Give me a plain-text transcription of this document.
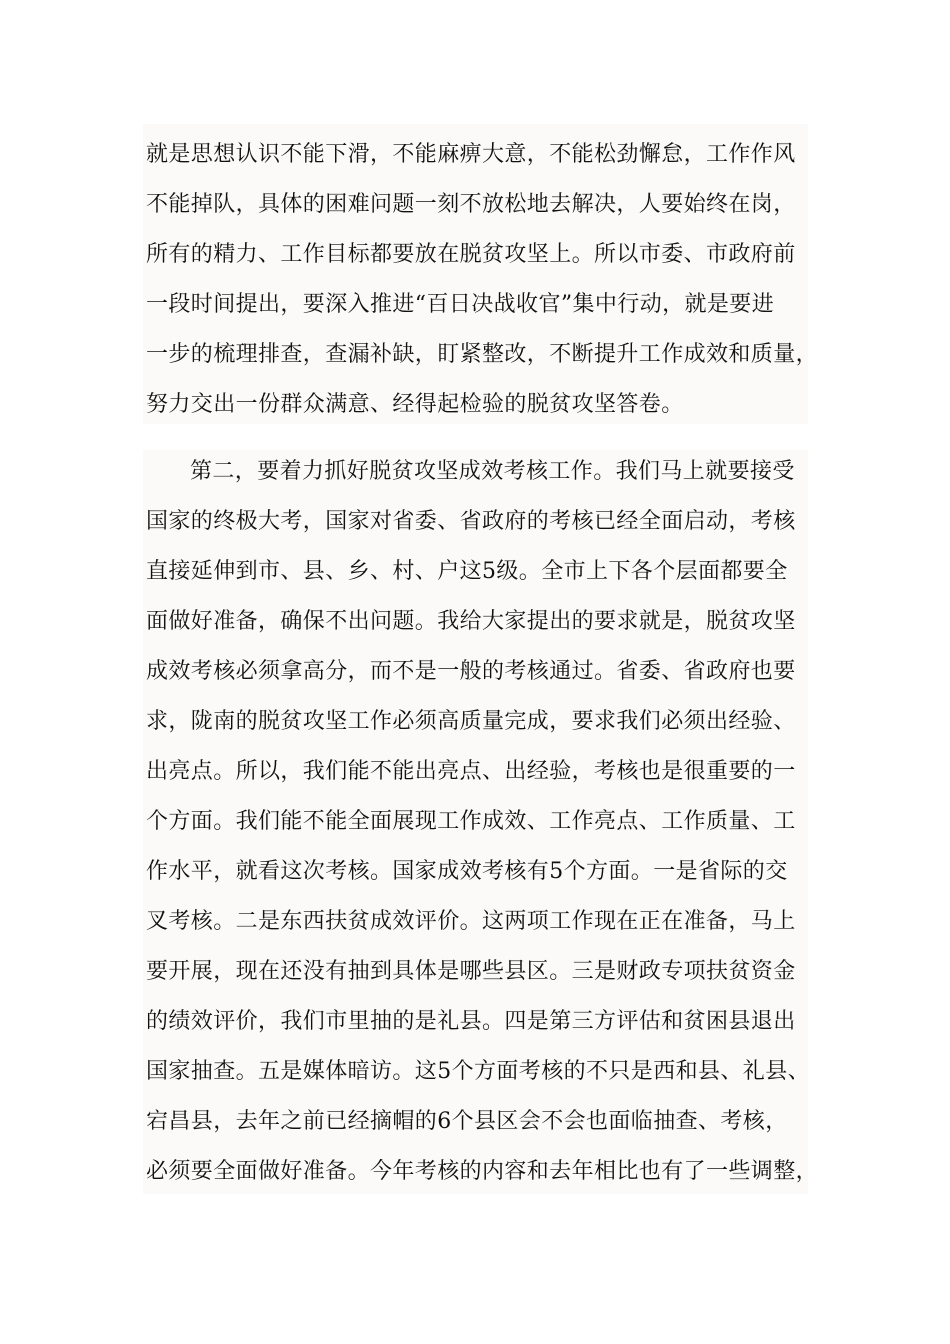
就是思想认识不能下滑，不能麻痹大意，不能松劲懈怠，工作作风
不能掉队，具体的困难问题一刻不放松地去解决，人要始终在岗，
所有的精力、工作目标都要放在脱贫攻坚上。所以市委、市政府前
一段时间提出，要深入推进“百日决战收官”集中行动，就是要进
一步的梳理排查，查漏补缺，盯紧整改，不断提升工作成效和质量，
努力交出一份群众满意、经得起检验的脱贫攻坚答卷。
第二，要着力抓好脱贫攻坚成效考核工作。我们马上就要接受
国家的终极大考，国家对省委、省政府的考核已经全面启动，考核
直接延伸到市、县、乡、村、户这5级。全市上下各个层面都要全
面做好准备，确保不出问题。我给大家提出的要求就是，脱贫攻坚
成效考核必须拿高分，而不是一般的考核通过。省委、省政府也要
求，陇南的脱贫攻坚工作必须高质量完成，要求我们必须出经验、
出亮点。所以，我们能不能出亮点、出经验，考核也是很重要的一
个方面。我们能不能全面展现工作成效、工作亮点、工作质量、工
作水平，就看这次考核。国家成效考核有5个方面。一是省际的交
叉考核。二是东西扶贫成效评价。这两项工作现在正在准备，马上
要开展，现在还没有抽到具体是哪些县区。三是财政专项扶贫资金
的绩效评价，我们市里抽的是礼县。四是第三方评估和贫困县退出
国家抽查。五是媒体暗访。这5个方面考核的不只是西和县、礼县、
宕昌县，去年之前已经摘帽的6个县区会不会也面临抽查、考核，
必须要全面做好准备。今年考核的内容和去年相比也有了一些调整，
